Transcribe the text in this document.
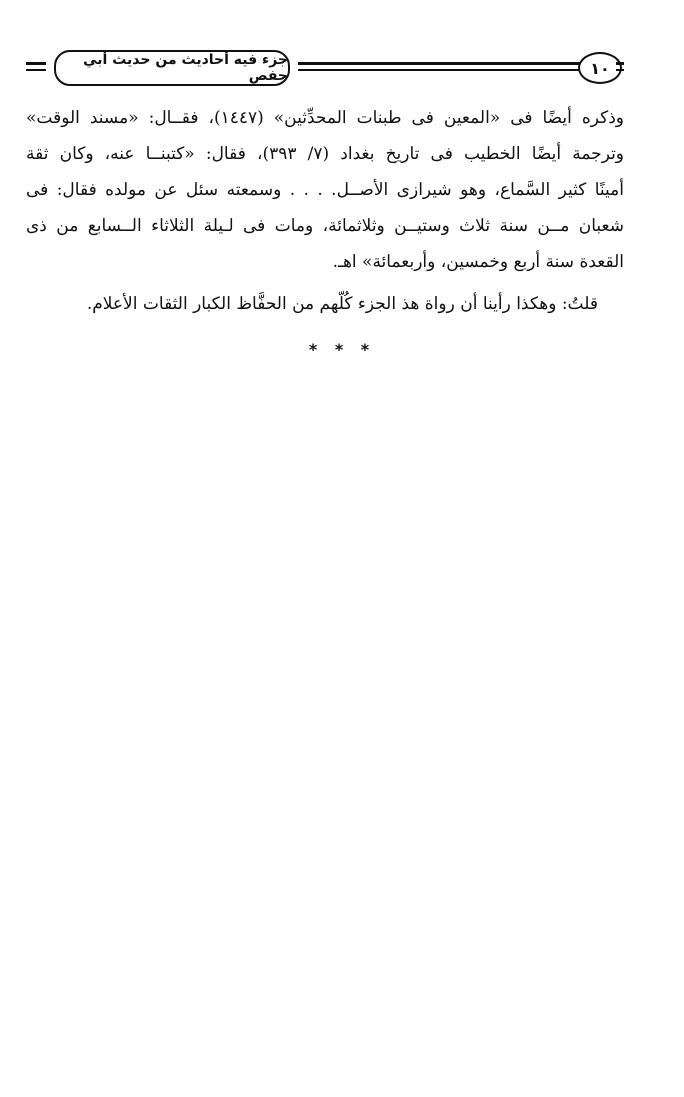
جزء فيه أحاديث من حديث أبي حفص	١٠
وذكره أيضًا فى «المعين فى طبنات المحدِّثين» (١٤٤٧)، فقــال: «مسند الوقت»
وترجمة أيضًا الخطيب فى تاريخ بغداد (٧/ ٣٩٣)، فقال: «كتبنــا عنه، وكان ثقة
أمينًا كثير السَّماع، وهو شيرازى الأصــل. . . . وسمعته سئل عن مولده فقال: فى
شعبان مــن سنة ثلاث وستيــن وثلاثمائة، ومات فى لـيلة الثلاثاء الــسابع من ذى
القعدة سنة أربع وخمسين، وأربعمائة» اهـ.
قلتُ: وهكذا رأينا أن رواة هذ الجزء كُلّهم من الحفَّاظ الكبار الثقات الأعلام.
* * *
